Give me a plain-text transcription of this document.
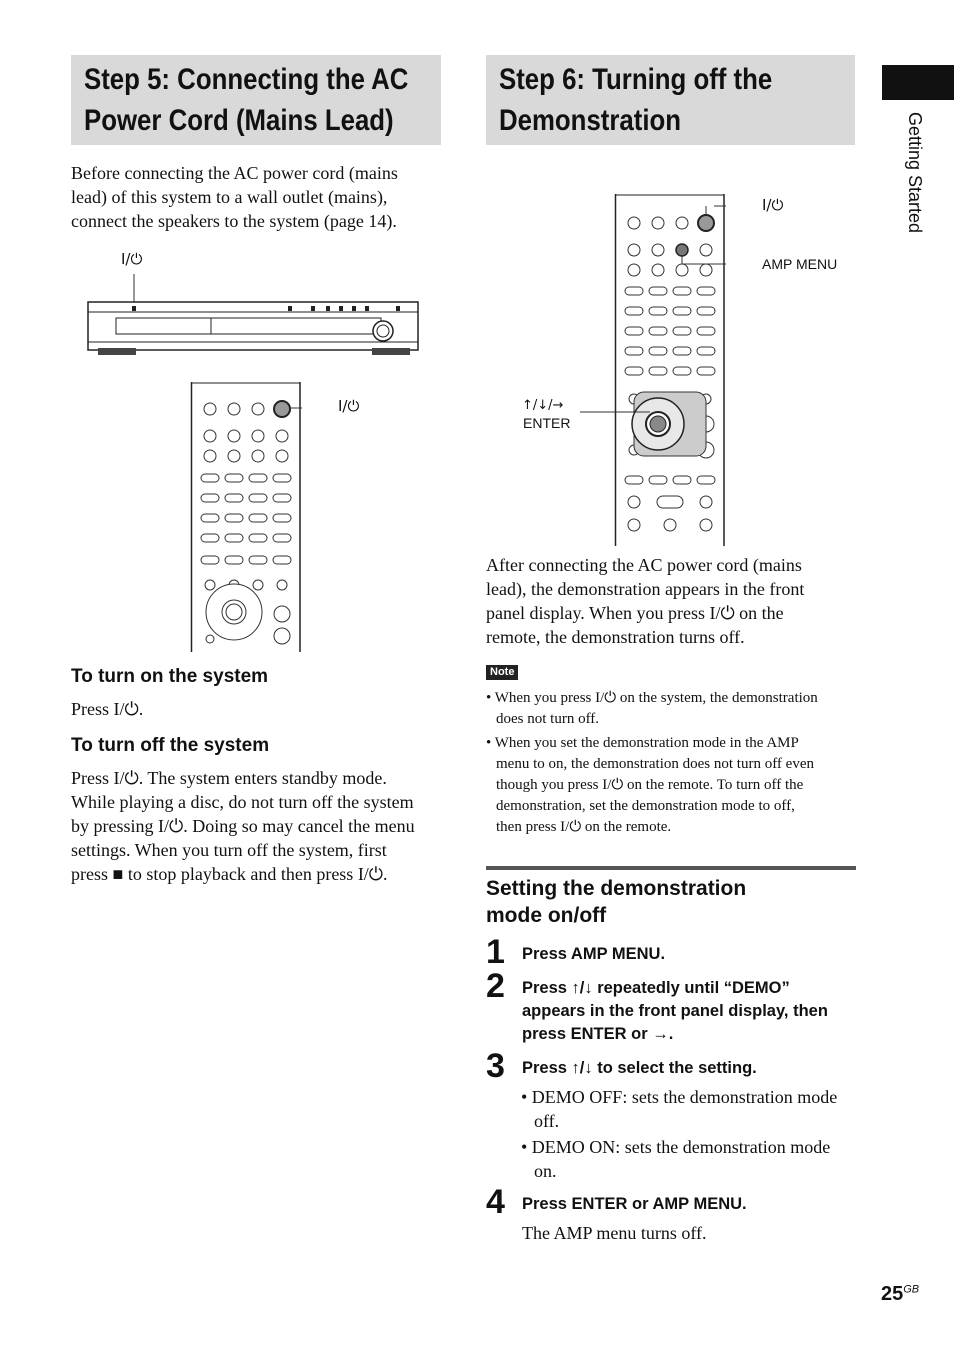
Step 5: Connecting the AC
Power Cord (Mains Lead)
Step 6: Turning off the
Demonstration	Getting Started
Before connecting the AC power cord (mains
lead) of this system to a wall outlet (mains),
connect the speakers to the system (page 14).
I/⏻
I/⏻
To turn on the system
Press I/⏻.
To turn off the system
Press I/⏻. The system enters standby mode.
While playing a disc, do not turn off the system
by pressing I/⏻. Doing so may cancel the menu
settings. When you turn off the system, first
press ■ to stop playback and then press I/⏻.
I/⏻
AMP MENU
↑/↓/→
ENTER
After connecting the AC power cord (mains
lead), the demonstration appears in the front
panel display. When you press I/⏻ on the
remote, the demonstration turns off.
Note
• When you press I/⏻ on the system, the demonstration
does not turn off.
• When you set the demonstration mode in the AMP
menu to on, the demonstration does not turn off even
though you press I/⏻ on the remote. To turn off the
demonstration, set the demonstration mode to off,
then press I/⏻ on the remote.
Setting the demonstration
mode on/off
1 Press AMP MENU.
2 Press ↑/↓ repeatedly until “DEMO”
appears in the front panel display, then
press ENTER or →.
3 Press ↑/↓ to select the setting.
• DEMO OFF: sets the demonstration mode
off.
• DEMO ON: sets the demonstration mode
on.
4 Press ENTER or AMP MENU.
The AMP menu turns off.
$25^{GB}$
